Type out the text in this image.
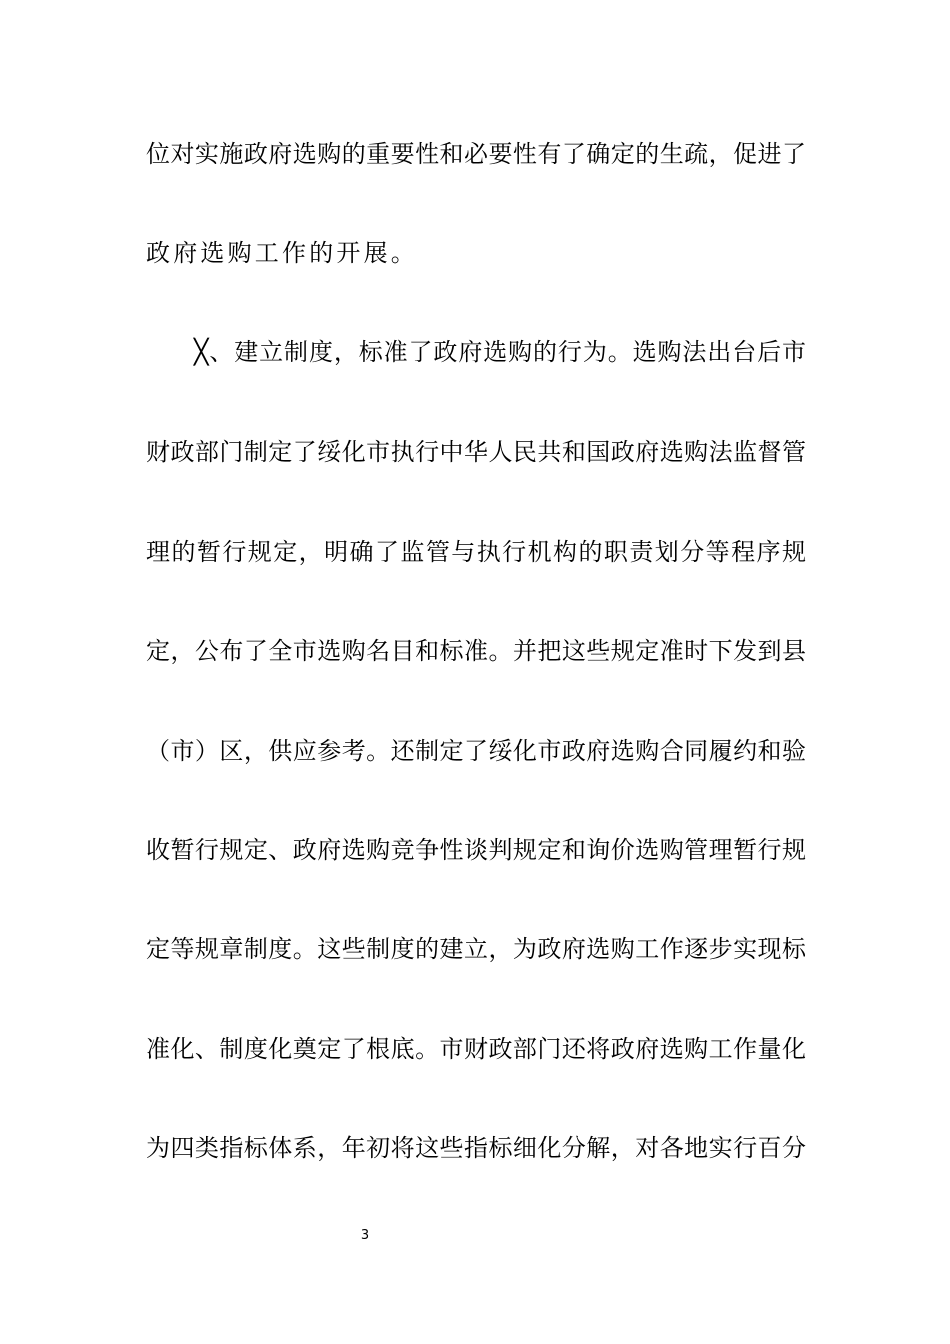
位对实施政府选购的重要性和必要性有了确定的生疏，促进了
政府选购工作的开展。
╳、建立制度，标准了政府选购的行为。选购法出台后市
财政部门制定了绥化市执行中华人民共和国政府选购法监督管
理的暂行规定，明确了监管与执行机构的职责划分等程序规
定，公布了全市选购名目和标准。并把这些规定准时下发到县
（市）区，供应参考。还制定了绥化市政府选购合同履约和验
收暂行规定、政府选购竞争性谈判规定和询价选购管理暂行规
定等规章制度。这些制度的建立，为政府选购工作逐步实现标
准化、制度化奠定了根底。市财政部门还将政府选购工作量化
为四类指标体系，年初将这些指标细化分解，对各地实行百分
3
